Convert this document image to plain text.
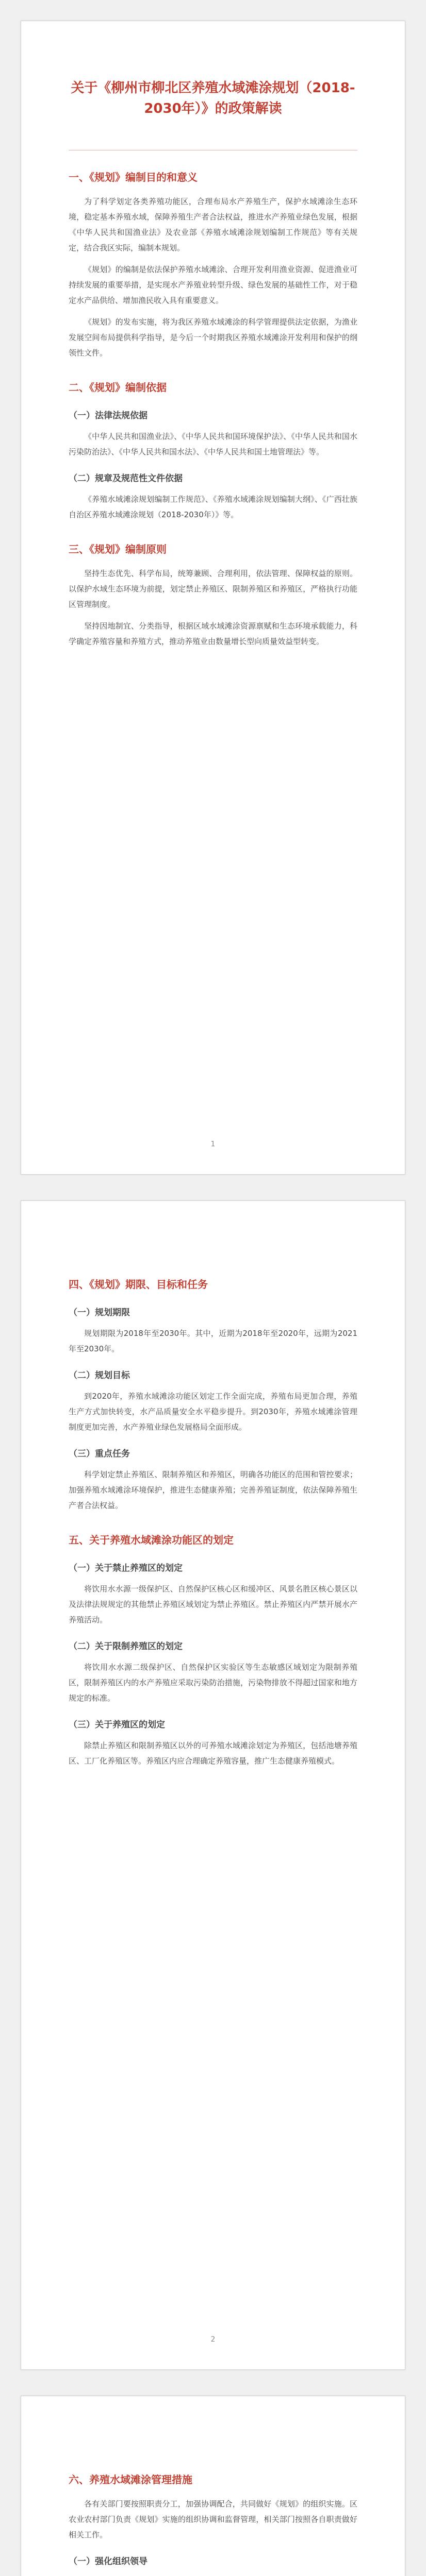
关于《柳州市柳北区养殖水域滩涂规划（2018-2030年）》的政策解读
一、《规划》编制目的和意义

为了科学划定各类养殖功能区，合理布局水产养殖生产，保护水域滩涂生态环境，稳定基本养殖水域，保障养殖生产者合法权益，推进水产养殖业绿色发展，根据《中华人民共和国渔业法》及农业部《养殖水域滩涂规划编制工作规范》等有关规定，结合我区实际，编制本规划。

《规划》的编制是依法保护养殖水域滩涂、合理开发利用渔业资源、促进渔业可持续发展的重要举措，是实现水产养殖业转型升级、绿色发展的基础性工作，对于稳定水产品供给、增加渔民收入具有重要意义。

《规划》的发布实施，将为我区养殖水域滩涂的科学管理提供法定依据，为渔业发展空间布局提供科学指导，是今后一个时期我区养殖水域滩涂开发利用和保护的纲领性文件。

二、《规划》编制依据
（一）法律法规依据

《中华人民共和国渔业法》、《中华人民共和国环境保护法》、《中华人民共和国水污染防治法》、《中华人民共和国水法》、《中华人民共和国土地管理法》等。

（二）规章及规范性文件依据

《养殖水域滩涂规划编制工作规范》、《养殖水域滩涂规划编制大纲》、《广西壮族自治区养殖水域滩涂规划（2018-2030年）》等。

三、《规划》编制原则

坚持生态优先、科学布局，统筹兼顾、合理利用，依法管理、保障权益的原则。以保护水域生态环境为前提，划定禁止养殖区、限制养殖区和养殖区，严格执行功能区管理制度。

坚持因地制宜、分类指导，根据区域水域滩涂资源禀赋和生态环境承载能力，科学确定养殖容量和养殖方式，推动养殖业由数量增长型向质量效益型转变。

1
四、《规划》期限、目标和任务
（一）规划期限

规划期限为2018年至2030年。其中，近期为2018年至2020年，远期为2021年至2030年。

（二）规划目标

到2020年，养殖水域滩涂功能区划定工作全面完成，养殖布局更加合理，养殖生产方式加快转变，水产品质量安全水平稳步提升。到2030年，养殖水域滩涂管理制度更加完善，水产养殖业绿色发展格局全面形成。

（三）重点任务

科学划定禁止养殖区、限制养殖区和养殖区，明确各功能区的范围和管控要求；加强养殖水域滩涂环境保护，推进生态健康养殖；完善养殖证制度，依法保障养殖生产者合法权益。

五、关于养殖水域滩涂功能区的划定
（一）关于禁止养殖区的划定

将饮用水水源一级保护区、自然保护区核心区和缓冲区、风景名胜区核心景区以及法律法规规定的其他禁止养殖区域划定为禁止养殖区。禁止养殖区内严禁开展水产养殖活动。

（二）关于限制养殖区的划定

将饮用水水源二级保护区、自然保护区实验区等生态敏感区域划定为限制养殖区，限制养殖区内的水产养殖应采取污染防治措施，污染物排放不得超过国家和地方规定的标准。

（三）关于养殖区的划定

除禁止养殖区和限制养殖区以外的可养殖水域滩涂划定为养殖区，包括池塘养殖区、工厂化养殖区等。养殖区内应合理确定养殖容量，推广生态健康养殖模式。

2
六、养殖水域滩涂管理措施

各有关部门要按照职责分工，加强协调配合，共同做好《规划》的组织实施。区农业农村部门负责《规划》实施的组织协调和监督管理，相关部门按照各自职责做好相关工作。

（一）强化组织领导
